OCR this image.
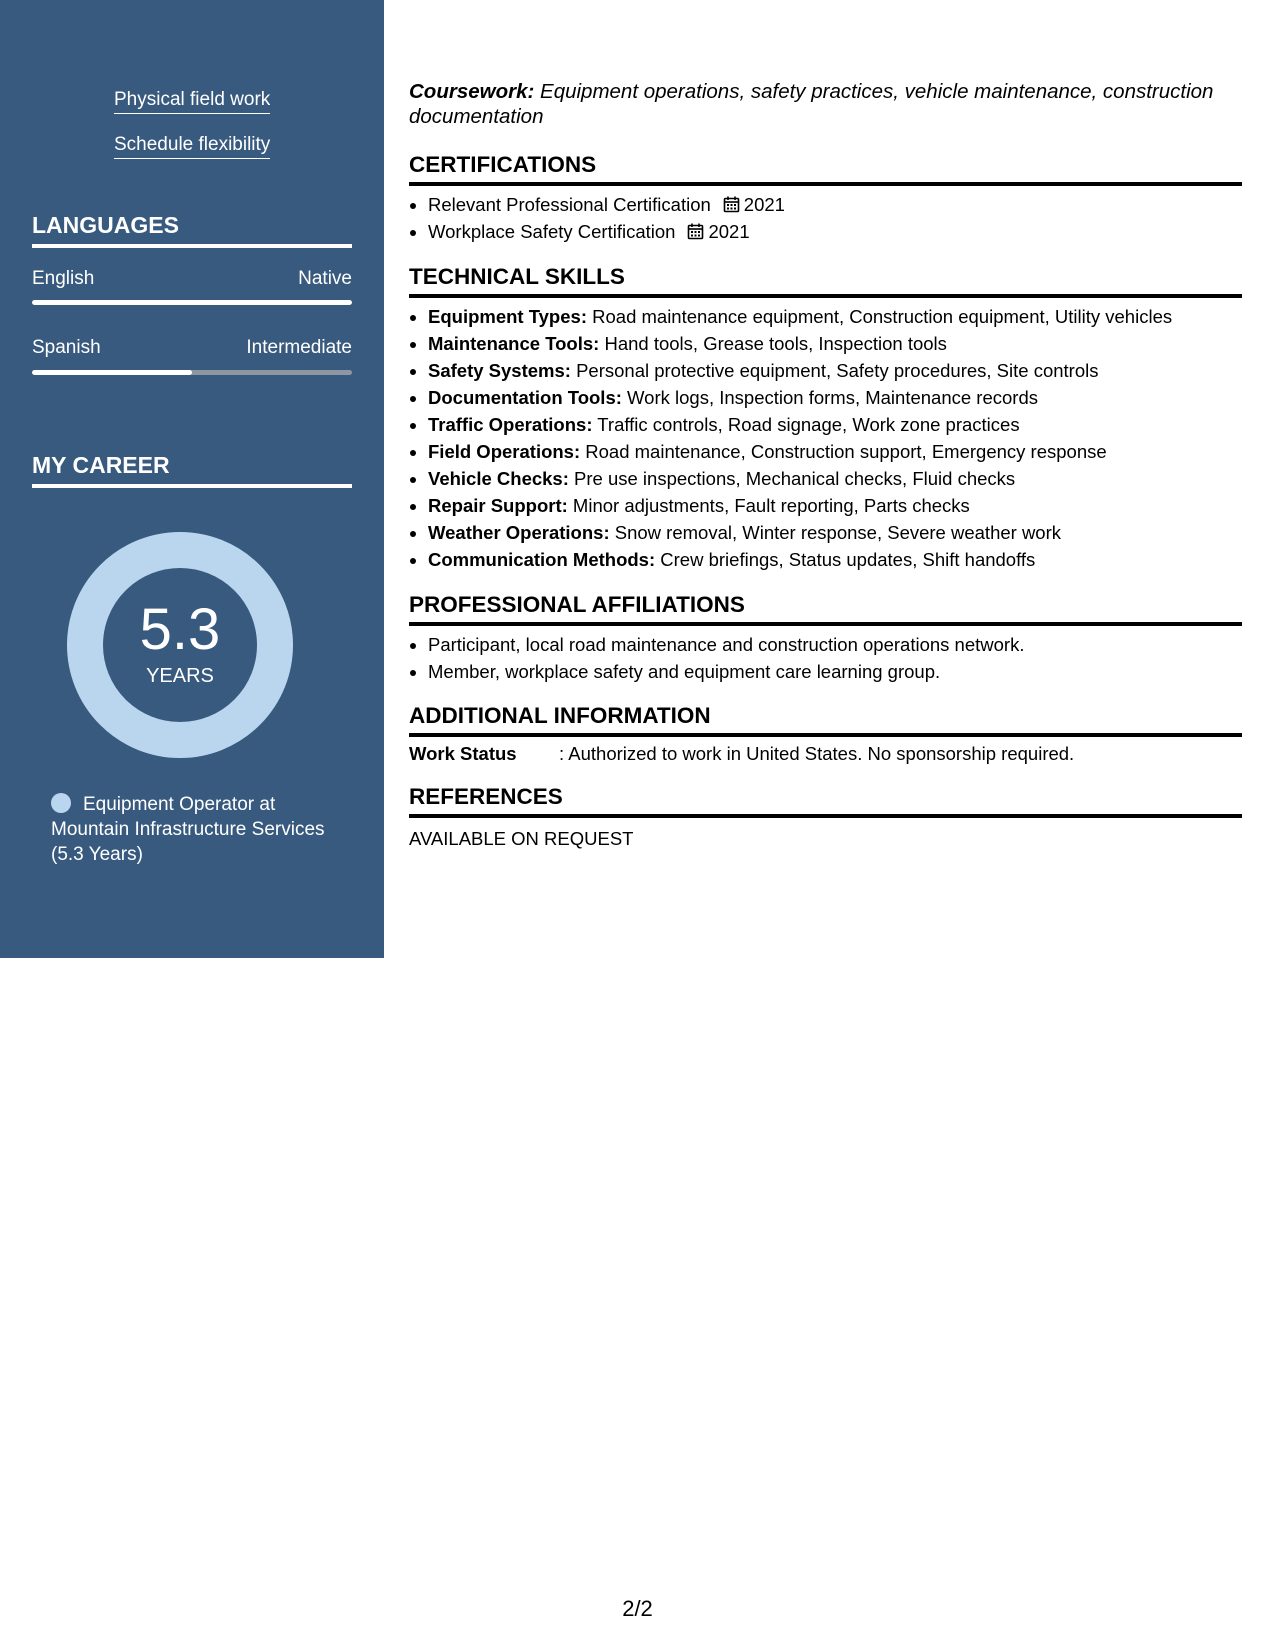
Physical field work
Schedule flexibility
LANGUAGES
English	Native
Spanish	Intermediate
MY CAREER
5.3
YEARS
Equipment Operator at Mountain Infrastructure Services (5.3 Years)
Coursework: Equipment operations, safety practices, vehicle maintenance, construction documentation
CERTIFICATIONS
• Relevant Professional Certification 2021
• Workplace Safety Certification 2021
TECHNICAL SKILLS
• Equipment Types: Road maintenance equipment, Construction equipment, Utility vehicles
• Maintenance Tools: Hand tools, Grease tools, Inspection tools
• Safety Systems: Personal protective equipment, Safety procedures, Site controls
• Documentation Tools: Work logs, Inspection forms, Maintenance records
• Traffic Operations: Traffic controls, Road signage, Work zone practices
• Field Operations: Road maintenance, Construction support, Emergency response
• Vehicle Checks: Pre use inspections, Mechanical checks, Fluid checks
• Repair Support: Minor adjustments, Fault reporting, Parts checks
• Weather Operations: Snow removal, Winter response, Severe weather work
• Communication Methods: Crew briefings, Status updates, Shift handoffs
PROFESSIONAL AFFILIATIONS
• Participant, local road maintenance and construction operations network.
• Member, workplace safety and equipment care learning group.
ADDITIONAL INFORMATION
Work Status : Authorized to work in United States. No sponsorship required.
REFERENCES
AVAILABLE ON REQUEST
2/2
